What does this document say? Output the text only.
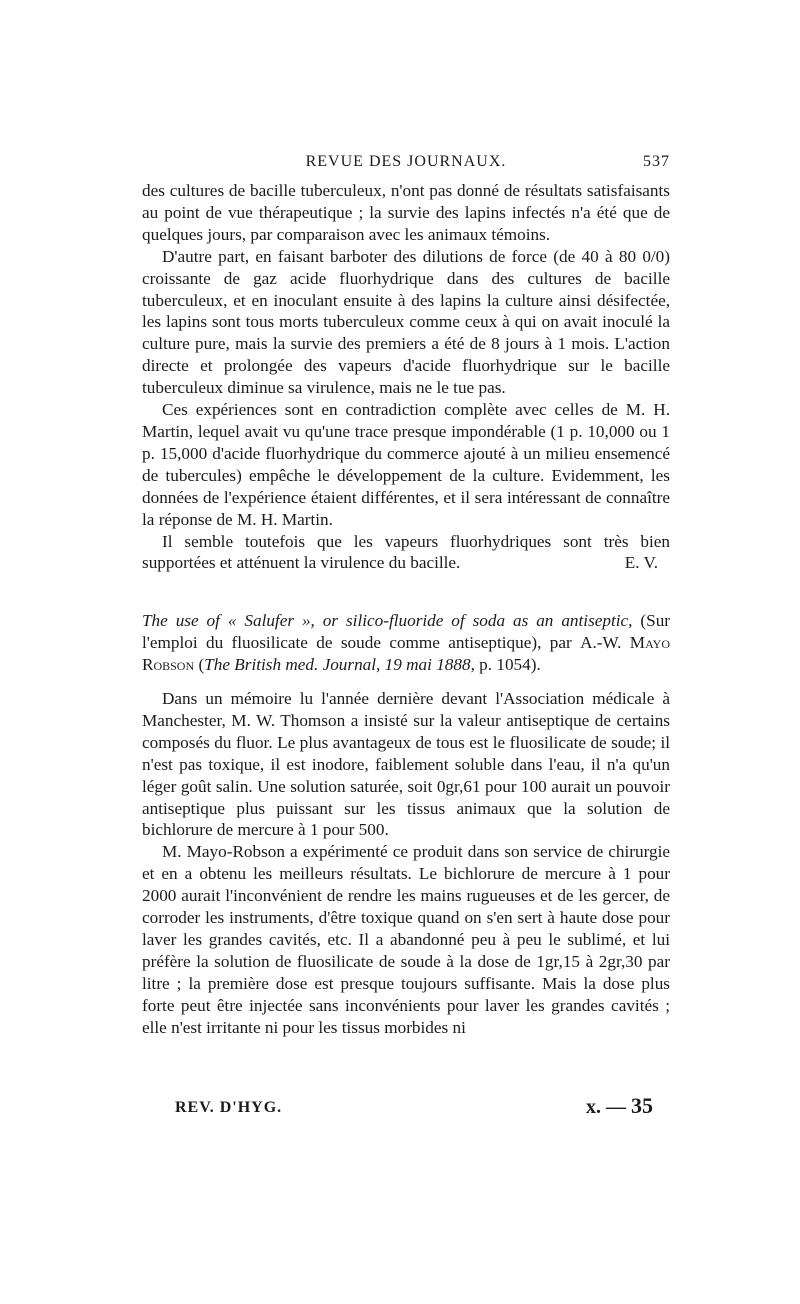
REVUE DES JOURNAUX.	537

des cultures de bacille tuberculeux, n'ont pas donné de résultats satisfaisants au point de vue thérapeutique ; la survie des lapins infectés n'a été que de quelques jours, par comparaison avec les animaux témoins.

D'autre part, en faisant barboter des dilutions de force (de 40 à 80 0/0) croissante de gaz acide fluorhydrique dans des cultures de bacille tuberculeux, et en inoculant ensuite à des lapins la culture ainsi désifectée, les lapins sont tous morts tuberculeux comme ceux à qui on avait inoculé la culture pure, mais la survie des premiers a été de 8 jours à 1 mois. L'action directe et prolongée des vapeurs d'acide fluorhydrique sur le bacille tuberculeux diminue sa virulence, mais ne le tue pas.

Ces expériences sont en contradiction complète avec celles de M. H. Martin, lequel avait vu qu'une trace presque impondérable (1 p. 10,000 ou 1 p. 15,000 d'acide fluorhydrique du commerce ajouté à un milieu ensemencé de tubercules) empêche le développement de la culture. Evidemment, les données de l'expérience étaient différentes, et il sera intéressant de connaître la réponse de M. H. Martin.

Il semble toutefois que les vapeurs fluorhydriques sont très bien supportées et atténuent la virulence du bacille.	E. V.

The use of « Salufer », or silico-fluoride of soda as an antiseptic, (Sur l'emploi du fluosilicate de soude comme antiseptique), par A.-W. Mayo Robson (The British med. Journal, 19 mai 1888, p. 1054).

Dans un mémoire lu l'année dernière devant l'Association médicale à Manchester, M. W. Thomson a insisté sur la valeur antiseptique de certains composés du fluor. Le plus avantageux de tous est le fluosilicate de soude; il n'est pas toxique, il est inodore, faiblement soluble dans l'eau, il n'a qu'un léger goût salin. Une solution saturée, soit 0gr,61 pour 100 aurait un pouvoir antiseptique plus puissant sur les tissus animaux que la solution de bichlorure de mercure à 1 pour 500.

M. Mayo-Robson a expérimenté ce produit dans son service de chirurgie et en a obtenu les meilleurs résultats. Le bichlorure de mercure à 1 pour 2000 aurait l'inconvénient de rendre les mains rugueuses et de les gercer, de corroder les instruments, d'être toxique quand on s'en sert à haute dose pour laver les grandes cavités, etc. Il a abandonné peu à peu le sublimé, et lui préfère la solution de fluosilicate de soude à la dose de 1gr,15 à 2gr,30 par litre ; la première dose est presque toujours suffisante. Mais la dose plus forte peut être injectée sans inconvénients pour laver les grandes cavités ; elle n'est irritante ni pour les tissus morbides ni

REV. D'HYG.	x. — 35
